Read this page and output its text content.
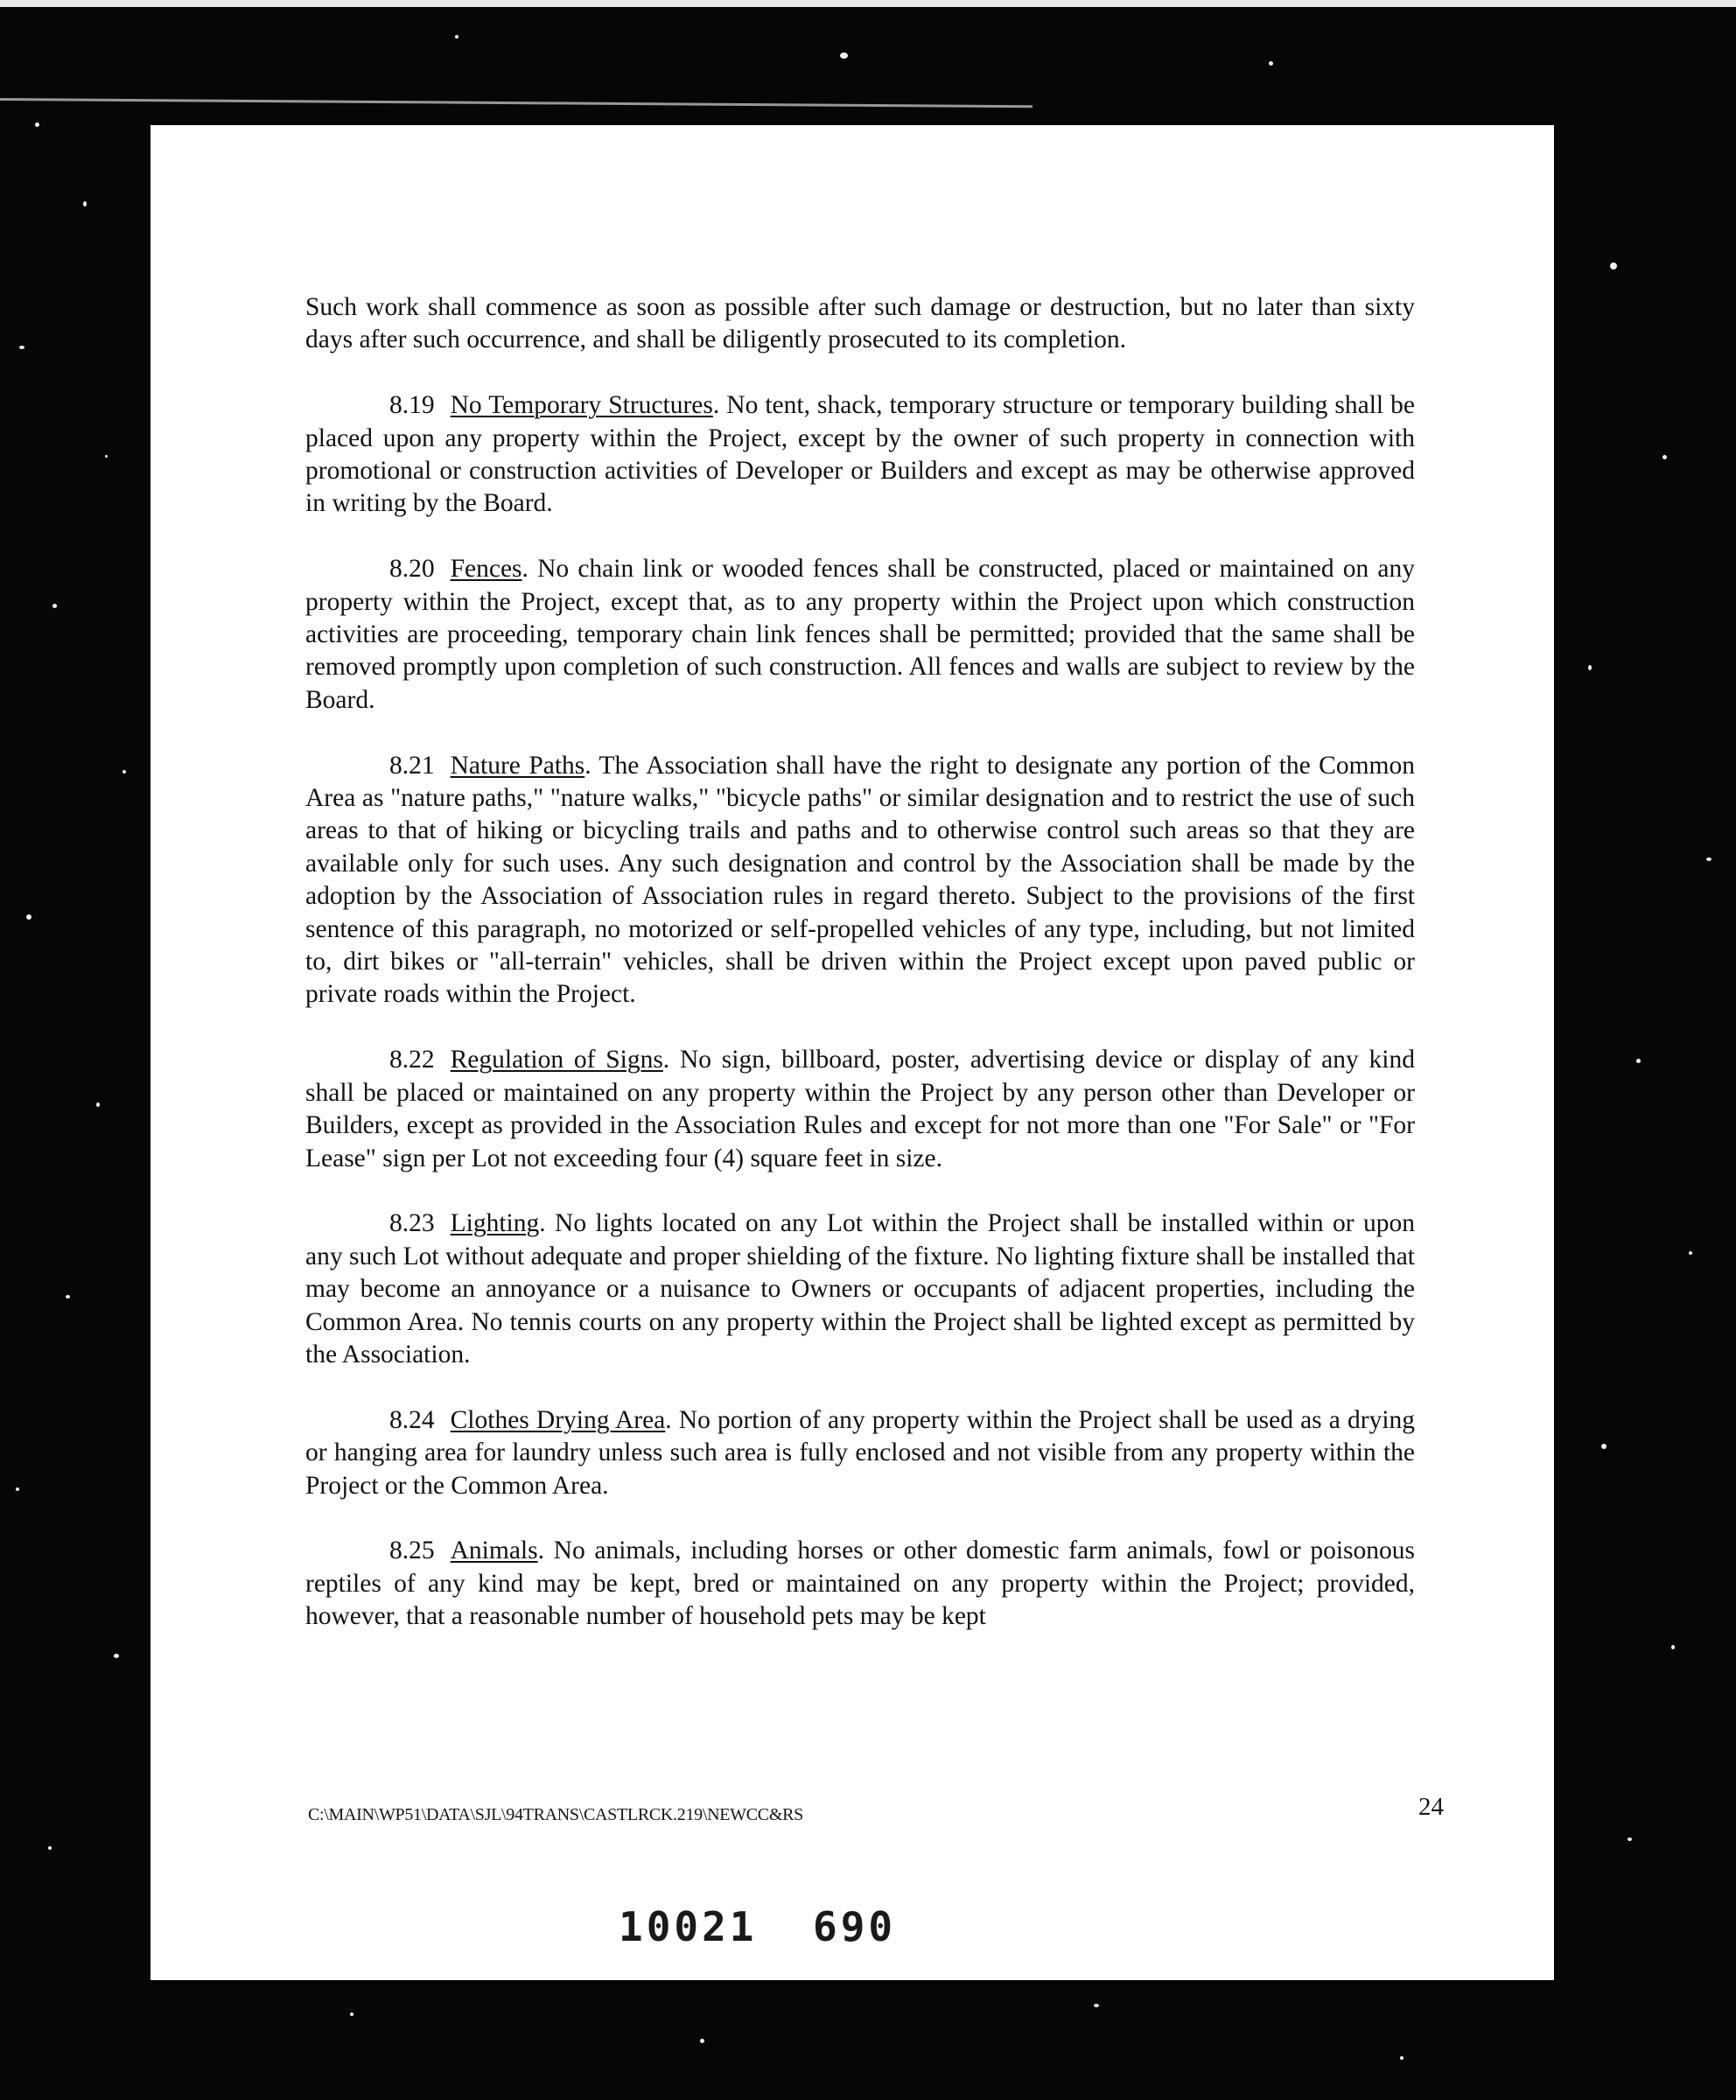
Such work shall commence as soon as possible after such damage or destruction, but no later than sixty days after such occurrence, and shall be diligently prosecuted to its completion.

8.19 No Temporary Structures. No tent, shack, temporary structure or temporary building shall be placed upon any property within the Project, except by the owner of such property in connection with promotional or construction activities of Developer or Builders and except as may be otherwise approved in writing by the Board.

8.20 Fences. No chain link or wooded fences shall be constructed, placed or maintained on any property within the Project, except that, as to any property within the Project upon which construction activities are proceeding, temporary chain link fences shall be permitted; provided that the same shall be removed promptly upon completion of such construction. All fences and walls are subject to review by the Board.

8.21 Nature Paths. The Association shall have the right to designate any portion of the Common Area as "nature paths," "nature walks," "bicycle paths" or similar designation and to restrict the use of such areas to that of hiking or bicycling trails and paths and to otherwise control such areas so that they are available only for such uses. Any such designation and control by the Association shall be made by the adoption by the Association of Association rules in regard thereto. Subject to the provisions of the first sentence of this paragraph, no motorized or self-propelled vehicles of any type, including, but not limited to, dirt bikes or "all-terrain" vehicles, shall be driven within the Project except upon paved public or private roads within the Project.

8.22 Regulation of Signs. No sign, billboard, poster, advertising device or display of any kind shall be placed or maintained on any property within the Project by any person other than Developer or Builders, except as provided in the Association Rules and except for not more than one "For Sale" or "For Lease" sign per Lot not exceeding four (4) square feet in size.

8.23 Lighting. No lights located on any Lot within the Project shall be installed within or upon any such Lot without adequate and proper shielding of the fixture. No lighting fixture shall be installed that may become an annoyance or a nuisance to Owners or occupants of adjacent properties, including the Common Area. No tennis courts on any property within the Project shall be lighted except as permitted by the Association.

8.24 Clothes Drying Area. No portion of any property within the Project shall be used as a drying or hanging area for laundry unless such area is fully enclosed and not visible from any property within the Project or the Common Area.

8.25 Animals. No animals, including horses or other domestic farm animals, fowl or poisonous reptiles of any kind may be kept, bred or maintained on any property within the Project; provided, however, that a reasonable number of household pets may be kept

C:\MAIN\WP51\DATA\SJL\94TRANS\CASTLRCK.219\NEWCC&RS	24
10021 690
